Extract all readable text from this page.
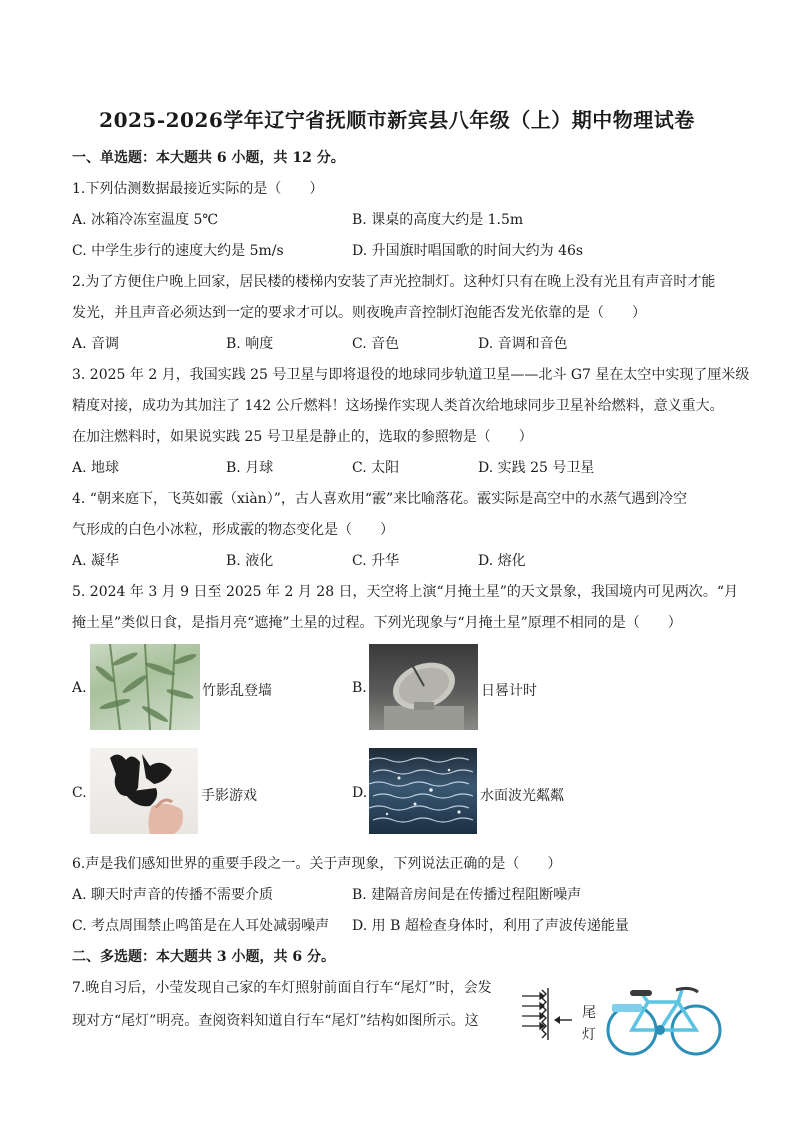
2025-2026学年辽宁省抚顺市新宾县八年级（上）期中物理试卷
一、单选题：本大题共 6 小题，共 12 分。
1.下列估测数据最接近实际的是（　　）
A. 冰箱冷冻室温度 5℃	B. 课桌的高度大约是 1.5m
C. 中学生步行的速度大约是 5m/s	D. 升国旗时唱国歌的时间大约为 46s
2.为了方便住户晚上回家，居民楼的楼梯内安装了声光控制灯。这种灯只有在晚上没有光且有声音时才能
发光，并且声音必须达到一定的要求才可以。则夜晚声音控制灯泡能否发光依靠的是（　　）
A. 音调	B. 响度	C. 音色	D. 音调和音色
3. 2025 年 2 月，我国实践 25 号卫星与即将退役的地球同步轨道卫星——北斗 G7 星在太空中实现了厘米级
精度对接，成功为其加注了 142 公斤燃料！这场操作实现人类首次给地球同步卫星补给燃料，意义重大。
在加注燃料时，如果说实践 25 号卫星是静止的，选取的参照物是（　　）
A. 地球	B. 月球	C. 太阳	D. 实践 25 号卫星
4. “朝来庭下，飞英如霰（xiàn）”，古人喜欢用“霰”来比喻落花。霰实际是高空中的水蒸气遇到冷空
气形成的白色小冰粒，形成霰的物态变化是（　　）
A. 凝华	B. 液化	C. 升华	D. 熔化
5. 2024 年 3 月 9 日至 2025 年 2 月 28 日，天空将上演“月掩土星”的天文景象，我国境内可见两次。“月
掩土星”类似日食，是指月亮“遮掩”土星的过程。下列光现象与“月掩土星”原理不相同的是（　　）
A.	竹影乱登墙	B.	日晷计时
C.	手影游戏	D.	水面波光粼粼
6.声是我们感知世界的重要手段之一。关于声现象，下列说法正确的是（　　）
A. 聊天时声音的传播不需要介质	B. 建隔音房间是在传播过程阻断噪声
C. 考点周围禁止鸣笛是在人耳处减弱噪声 D. 用 B 超检查身体时，利用了声波传递能量
二、多选题：本大题共 3 小题，共 6 分。
7.晚自习后，小莹发现自己家的车灯照射前面自行车“尾灯”时，会发
现对方“尾灯”明亮。查阅资料知道自行车“尾灯”结构如图所示。这	尾
灯
